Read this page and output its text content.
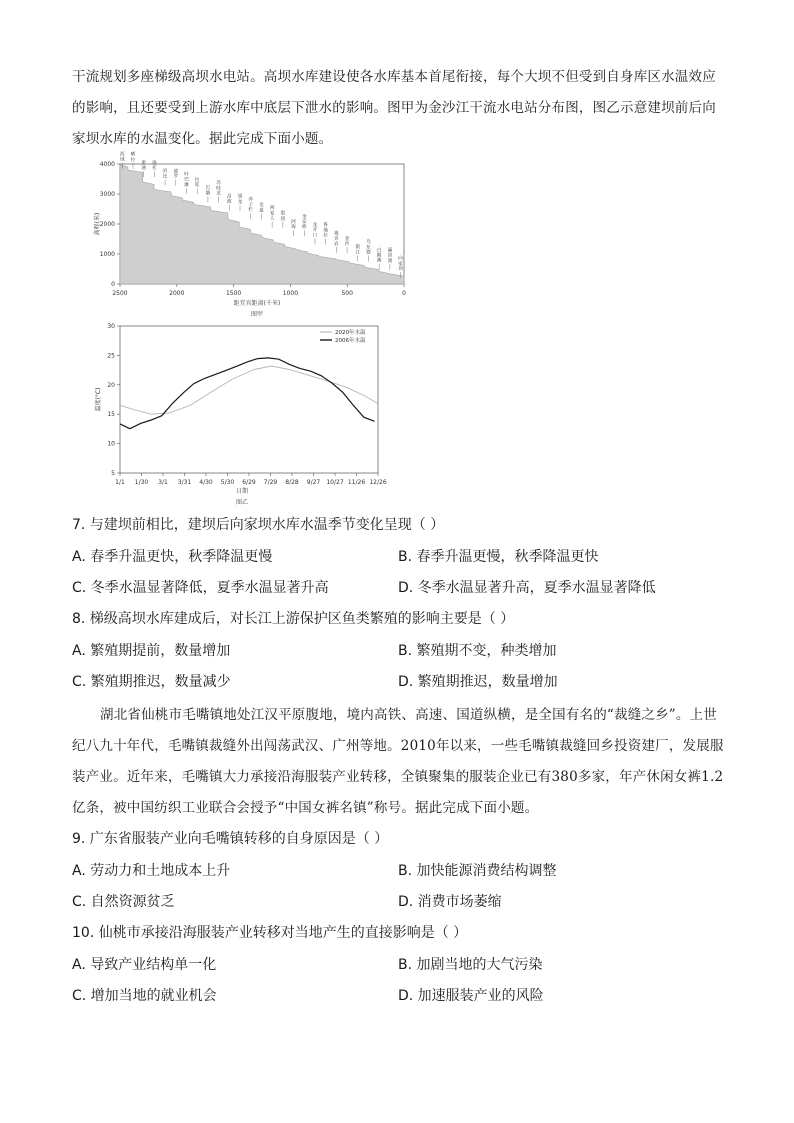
干流规划多座梯级高坝水电站。高坝水库建设使各水库基本首尾衔接，每个大坝不但受到自身库区水温效应的影响，且还要受到上游水库中底层下泄水的影响。图甲为金沙江干流水电站分布图，图乙示意建坝前后向家坝水库的水温变化。据此完成下面小题。

4000
3000
2000
1000
0
2500	2000	1500	1000	500	0
高程(米)
西
绒
晒
拉
果
通
岗
托
岩
比
波
罗 叶
巴
滩
拉
哇
巴
塘
苏
哇
龙
昌
波
旭
龙 奔
子
栏
龙
盘 两
家
人
梨
园
阿
海
金
安
桥 龙
开
口
鲁
地
拉 观
音
岩
金
沙
银
江
乌
东
德 白
鹤
滩
溪
洛
渡 向
家
坝
距宜宾距离(千米)
图甲
5
10
15
20
25
30
1/1 1/30 3/1 3/31 4/30 5/30 6/29 7/29 8/28 9/27 10/27 11/26 12/26
温度(°C)
2020年水温
2006年水温
日期
图乙
7. 与建坝前相比，建坝后向家坝水库水温季节变化呈现（ ）
A. 春季升温更快，秋季降温更慢	B. 春季升温更慢，秋季降温更快
C. 冬季水温显著降低，夏季水温显著升高	D. 冬季水温显著升高，夏季水温显著降低
8. 梯级高坝水库建成后，对长江上游保护区鱼类繁殖的影响主要是（ ）
A. 繁殖期提前，数量增加	B. 繁殖期不变，种类增加
C. 繁殖期推迟，数量减少	D. 繁殖期推迟，数量增加

湖北省仙桃市毛嘴镇地处江汉平原腹地，境内高铁、高速、国道纵横，是全国有名的“裁缝之乡”。上世纪八九十年代，毛嘴镇裁缝外出闯荡武汉、广州等地。2010年以来，一些毛嘴镇裁缝回乡投资建厂，发展服装产业。近年来，毛嘴镇大力承接沿海服装产业转移，全镇聚集的服装企业已有380多家，年产休闲女裤1.2亿条，被中国纺织工业联合会授予“中国女裤名镇”称号。据此完成下面小题。

9. 广东省服装产业向毛嘴镇转移的自身原因是（ ）
A. 劳动力和土地成本上升	B. 加快能源消费结构调整
C. 自然资源贫乏	D. 消费市场萎缩
10. 仙桃市承接沿海服装产业转移对当地产生的直接影响是（ ）
A. 导致产业结构单一化	B. 加剧当地的大气污染
C. 增加当地的就业机会	D. 加速服装产业的风险
